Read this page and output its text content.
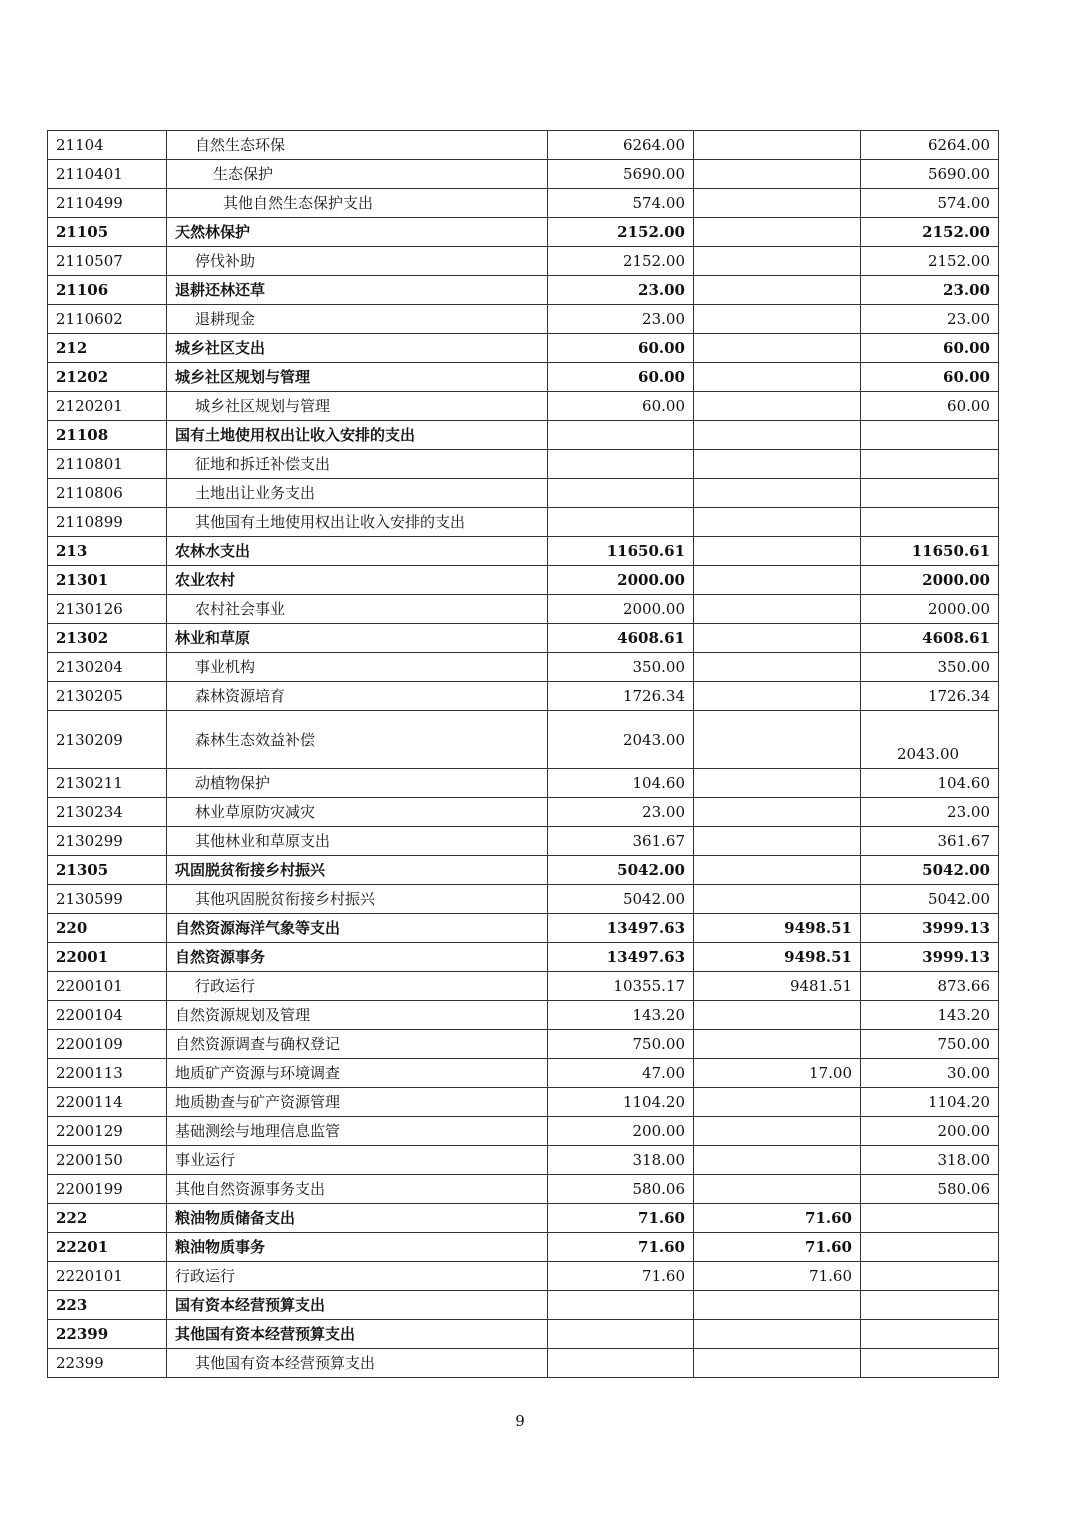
21104	自然生态环保	6264.00		6264.00
2110401	生态保护	5690.00		5690.00
2110499	其他自然生态保护支出	574.00		574.00
21105	天然林保护	2152.00		2152.00
2110507	停伐补助	2152.00		2152.00
21106	退耕还林还草	23.00		23.00
2110602	退耕现金	23.00		23.00
212	城乡社区支出	60.00		60.00
21202	城乡社区规划与管理	60.00		60.00
2120201	城乡社区规划与管理	60.00		60.00
21108	国有土地使用权出让收入安排的支出			
2110801	征地和拆迁补偿支出			
2110806	土地出让业务支出			
2110899	其他国有土地使用权出让收入安排的支出			
213	农林水支出	11650.61		11650.61
21301	农业农村	2000.00		2000.00
2130126	农村社会事业	2000.00		2000.00
21302	林业和草原	4608.61		4608.61
2130204	事业机构	350.00		350.00
2130205	森林资源培育	1726.34		1726.34
2130209	森林生态效益补偿	2043.00		2043.00
2130211	动植物保护	104.60		104.60
2130234	林业草原防灾减灾	23.00		23.00
2130299	其他林业和草原支出	361.67		361.67
21305	巩固脱贫衔接乡村振兴	5042.00		5042.00
2130599	其他巩固脱贫衔接乡村振兴	5042.00		5042.00
220	自然资源海洋气象等支出	13497.63	9498.51	3999.13
22001	自然资源事务	13497.63	9498.51	3999.13
2200101	行政运行	10355.17	9481.51	873.66
2200104	自然资源规划及管理	143.20		143.20
2200109	自然资源调查与确权登记	750.00		750.00
2200113	地质矿产资源与环境调查	47.00	17.00	30.00
2200114	地质勘查与矿产资源管理	1104.20		1104.20
2200129	基础测绘与地理信息监管	200.00		200.00
2200150	事业运行	318.00		318.00
2200199	其他自然资源事务支出	580.06		580.06
222	粮油物质储备支出	71.60	71.60	
22201	粮油物质事务	71.60	71.60	
2220101	行政运行	71.60	71.60	
223	国有资本经营预算支出			
22399	其他国有资本经营预算支出			
22399	其他国有资本经营预算支出			
9
